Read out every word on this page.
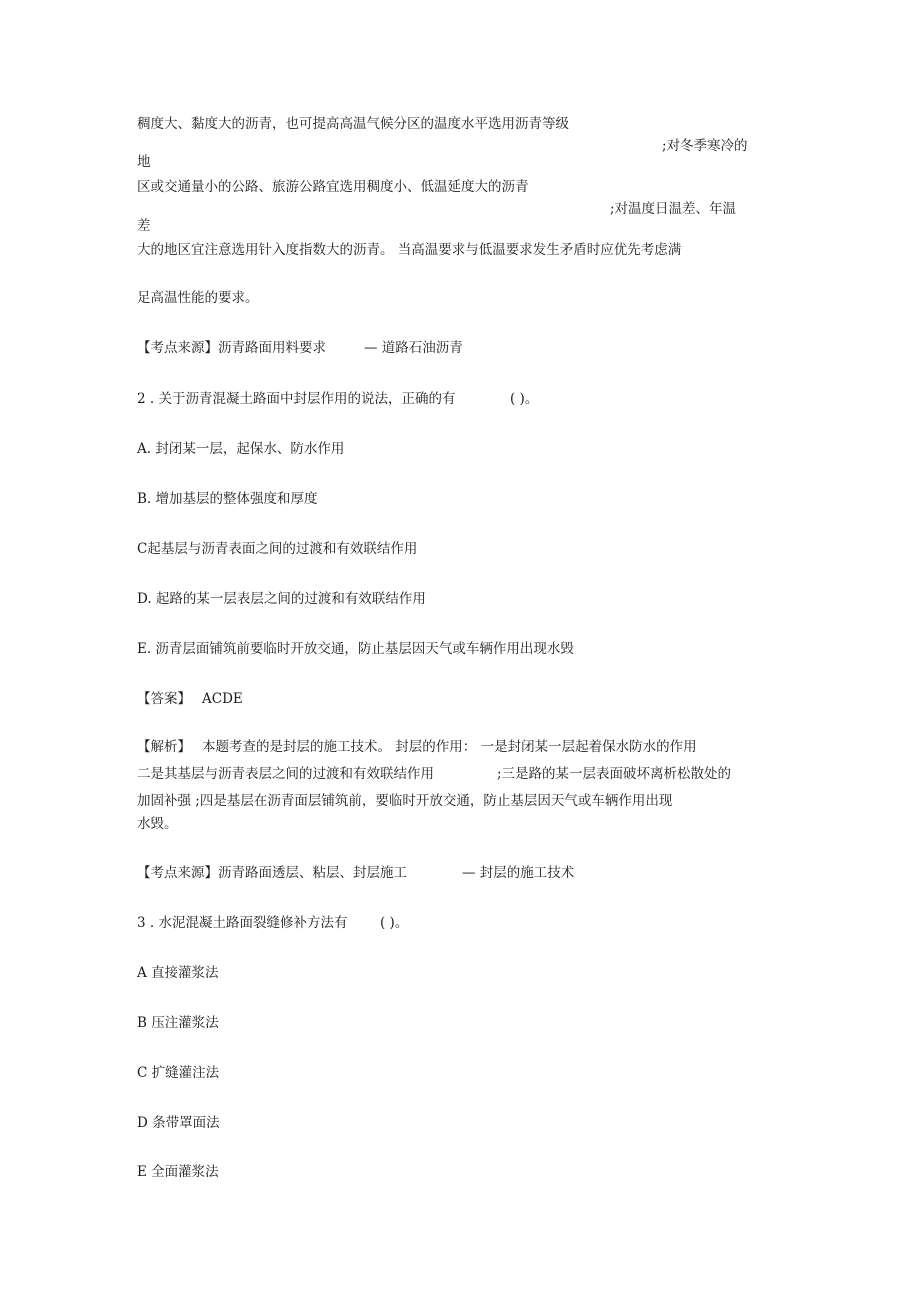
稠度大、黏度大的沥青，也可提高高温气候分区的温度水平选用沥青等级
;对冬季寒冷的
地
区或交通量小的公路、旅游公路宜选用稠度小、低温延度大的沥青
;对温度日温差、年温
差
大的地区宜注意选用针入度指数大的沥青。 当高温要求与低温要求发生矛盾时应优先考虑满
足高温性能的要求。
【考点来源】沥青路面用料要求	— 道路石油沥青
2 . 关于沥青混凝土路面中封层作用的说法，正确的有	( )。
A. 封闭某一层，起保水、防水作用
B. 增加基层的整体强度和厚度
C起基层与沥青表面之间的过渡和有效联结作用
D. 起路的某一层表层之间的过渡和有效联结作用
E. 沥青层面铺筑前要临时开放交通，防止基层因天气或车辆作用出现水毁
【答案】 ACDE
【解析】 本题考查的是封层的施工技术。 封层的作用： 一是封闭某一层起着保水防水的作用
二是其基层与沥青表层之间的过渡和有效联结作用	;三是路的某一层表面破坏离析松散处的
加固补强 ;四是基层在沥青面层铺筑前，要临时开放交通，防止基层因天气或车辆作用出现
水毁。
【考点来源】沥青路面透层、粘层、封层施工	— 封层的施工技术
3 . 水泥混凝土路面裂缝修补方法有 ( )。
A 直接灌浆法
B 压注灌浆法
C 扩缝灌注法
D 条带罩面法
E 全面灌浆法
